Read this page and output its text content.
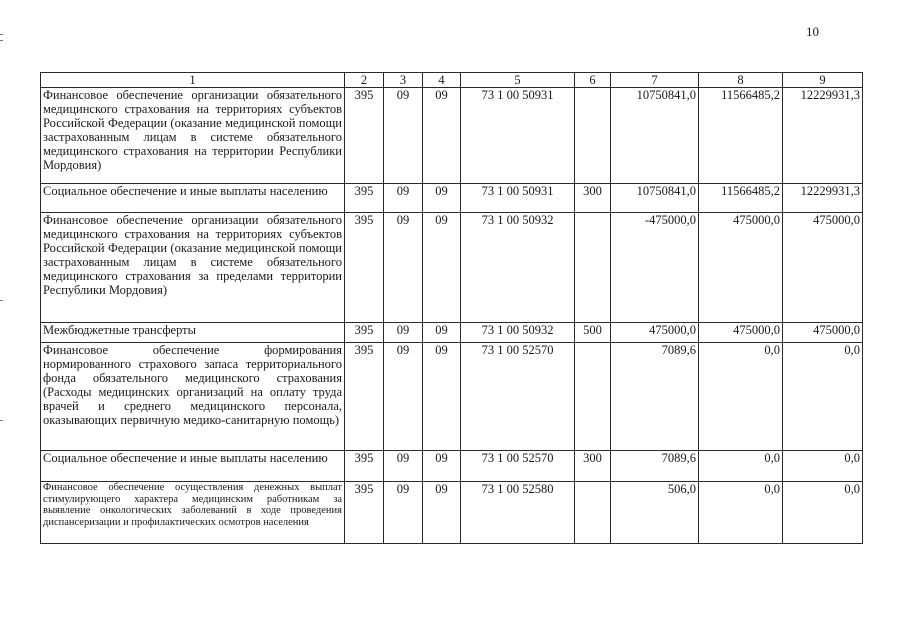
10
1	2	3	4	5	6	7	8	9
Финансовое обеспечение организации обязательного медицинского страхования на территориях субъектов Российской Федерации (оказание медицинской помощи застрахованным лицам в системе обязательного медицинского страхования на территории Республики Мордовия)	395	09	09	73 1 00 50931		10750841,0	11566485,2	12229931,3
Социальное обеспечение и иные выплаты населению	395	09	09	73 1 00 50931	300	10750841,0	11566485,2	12229931,3
Финансовое обеспечение организации обязательного медицинского страхования на территориях субъектов Российской Федерации (оказание медицинской помощи застрахованным лицам в системе обязательного медицинского страхования за пределами территории Республики Мордовия)	395	09	09	73 1 00 50932		-475000,0	475000,0	475000,0
Межбюджетные трансферты	395	09	09	73 1 00 50932	500	475000,0	475000,0	475000,0
Финансовое обеспечение формирования нормированного страхового запаса территориального фонда обязательного медицинского страхования (Расходы медицинских организаций на оплату труда врачей и среднего медицинского персонала, оказывающих первичную медико-санитарную помощь)	395	09	09	73 1 00 52570		7089,6	0,0	0,0
Социальное обеспечение и иные выплаты населению	395	09	09	73 1 00 52570	300	7089,6	0,0	0,0
Финансовое обеспечение осуществления денежных выплат стимулирующего характера медицинским работникам за выявление онкологических заболеваний в ходе проведения диспансеризации и профилактических осмотров населения	395	09	09	73 1 00 52580		506,0	0,0	0,0
